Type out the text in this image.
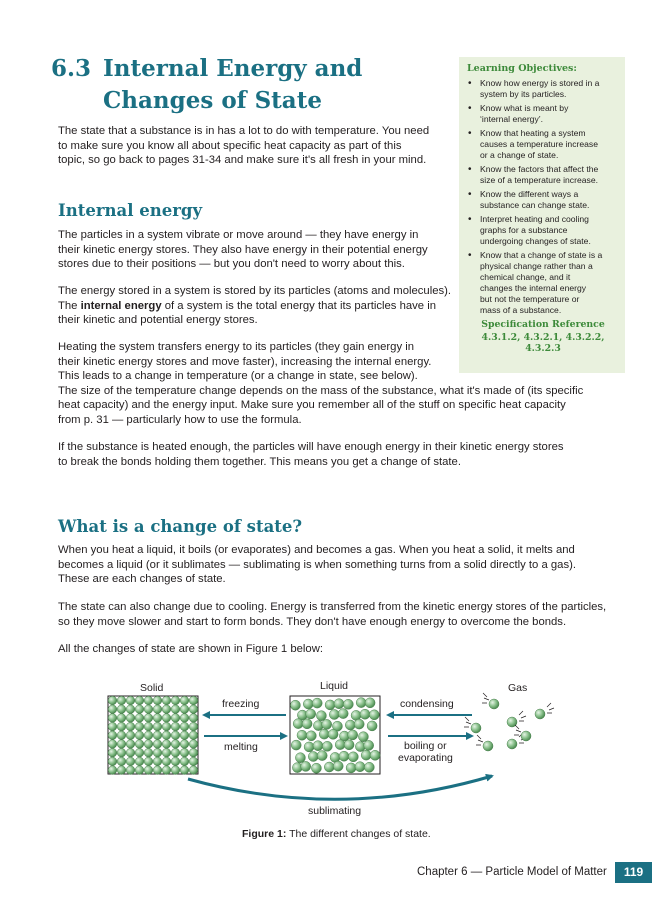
6.3 Internal Energy and
Changes of State
The state that a substance is in has a lot to do with temperature. You need
to make sure you know all about specific heat capacity as part of this
topic, so go back to pages 31-34 and make sure it's all fresh in your mind.
Learning Objectives:
• Know how energy is stored in a
system by its particles.
• Know what is meant by
‘internal energy’.
• Know that heating a system
causes a temperature increase
or a change of state.
• Know the factors that affect the
size of a temperature increase.
• Know the different ways a
substance can change state.
• Interpret heating and cooling
graphs for a substance
undergoing changes of state.
• Know that a change of state is a
physical change rather than a
chemical change, and it
changes the internal energy
but not the temperature or
mass of a substance.
Specification Reference
4.3.1.2, 4.3.2.1, 4.3.2.2, 4.3.2.3
Internal energy
The particles in a system vibrate or move around — they have energy in
their kinetic energy stores. They also have energy in their potential energy
stores due to their positions — but you don't need to worry about this.
The energy stored in a system is stored by its particles (atoms and molecules).
The internal energy of a system is the total energy that its particles have in
their kinetic and potential energy stores.
Heating the system transfers energy to its particles (they gain energy in
their kinetic energy stores and move faster), increasing the internal energy.
This leads to a change in temperature (or a change in state, see below).
The size of the temperature change depends on the mass of the substance, what it's made of (its specific
heat capacity) and the energy input. Make sure you remember all of the stuff on specific heat capacity
from p. 31 — particularly how to use the formula.
If the substance is heated enough, the particles will have enough energy in their kinetic energy stores
to break the bonds holding them together. This means you get a change of state.
What is a change of state?
When you heat a liquid, it boils (or evaporates) and becomes a gas. When you heat a solid, it melts and
becomes a liquid (or it sublimates — sublimating is when something turns from a solid directly to a gas).
These are each changes of state.
The state can also change due to cooling. Energy is transferred from the kinetic energy stores of the particles,
so they move slower and start to form bonds. They don't have enough energy to overcome the bonds.
All the changes of state are shown in Figure 1 below:
Solid	Liquid	Gas
freezing
melting
condensing
boiling or
evaporating
sublimating
Figure 1: The different changes of state.
Chapter 6 — Particle Model of Matter	119
